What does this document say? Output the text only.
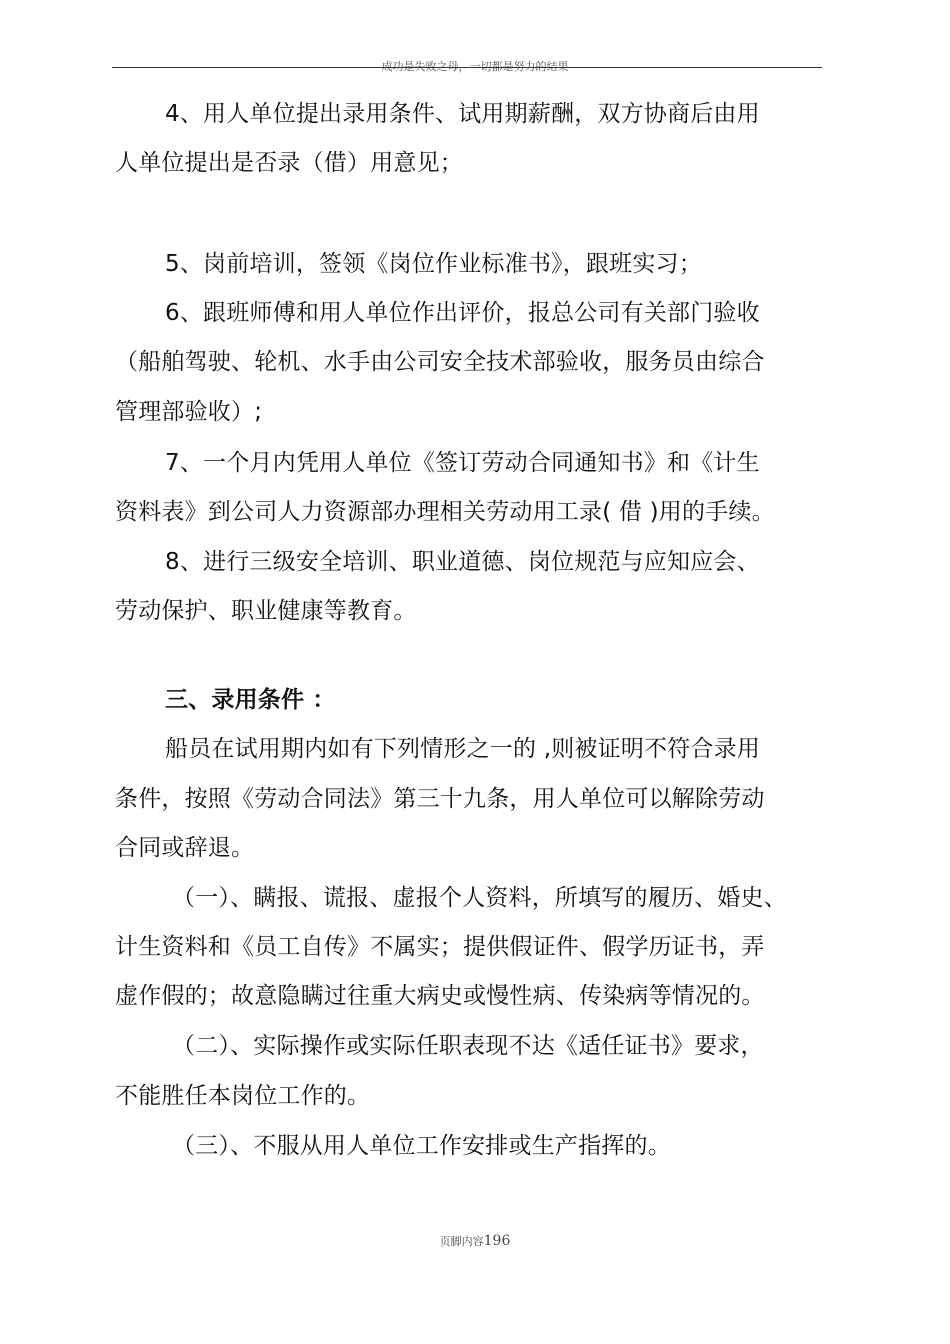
成功是失败之母，一切都是努力的结果
4、用人单位提出录用条件、试用期薪酬，双方协商后由用
人单位提出是否录（借）用意见；
5、岗前培训，签领《岗位作业标准书》，跟班实习；
6、跟班师傅和用人单位作出评价，报总公司有关部门验收
（船舶驾驶、轮机、水手由公司安全技术部验收，服务员由综合
管理部验收）;
7、一个月内凭用人单位《签订劳动合同通知书》和《计生
资料表》到公司人力资源部办理相关劳动用工录( 借 )用的手续。
8、进行三级安全培训、职业道德、岗位规范与应知应会、
劳动保护、职业健康等教育。
三、录用条件 ：
船员在试用期内如有下列情形之一的 ,则被证明不符合录用
条件，按照《劳动合同法》第三十九条，用人单位可以解除劳动
合同或辞退。
（一）、瞒报、谎报、虚报个人资料，所填写的履历、婚史、
计生资料和《员工自传》不属实；提供假证件、假学历证书，弄
虚作假的；故意隐瞒过往重大病史或慢性病、传染病等情况的。
（二）、实际操作或实际任职表现不达《适任证书》要求，
不能胜任本岗位工作的。
（三）、不服从用人单位工作安排或生产指挥的。
页脚内容196
